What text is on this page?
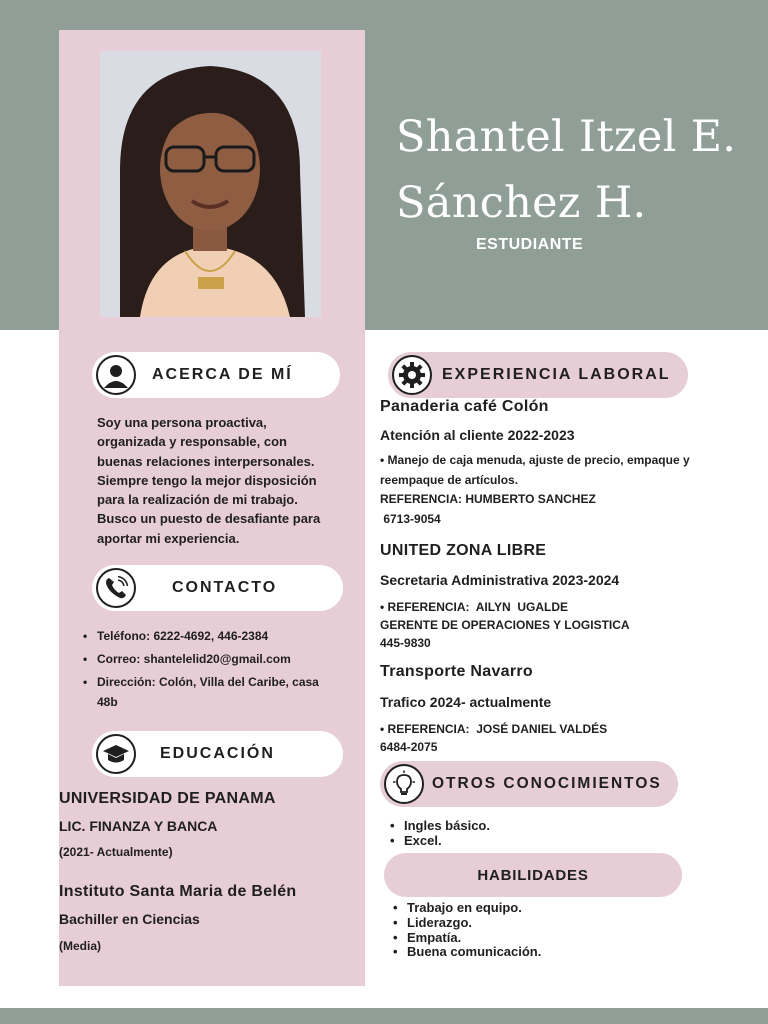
Shantel Itzel E.
Sánchez H.
ESTUDIANTE
ACERCA DE MÍ
Soy una persona proactiva,
organizada y responsable, con
buenas relaciones interpersonales.
Siempre tengo la mejor disposición
para la realización de mi trabajo.
Busco un puesto de desafiante para
aportar mi experiencia.
CONTACTO
• Teléfono: 6222-4692, 446-2384
• Correo: shantelelid20@gmail.com
• Dirección: Colón, Villa del Caribe, casa
48b
EDUCACIÓN
UNIVERSIDAD DE PANAMA
LIC. FINANZA Y BANCA
(2021- Actualmente)
Instituto Santa Maria de Belén
Bachiller en Ciencias
(Media)
EXPERIENCIA LABORAL
Panaderia café Colón
Atención al cliente 2022-2023
• Manejo de caja menuda, ajuste de precio, empaque y
reempaque de artículos.
REFERENCIA: HUMBERTO SANCHEZ
6713-9054
UNITED ZONA LIBRE
Secretaria Administrativa 2023-2024
• REFERENCIA:  AILYN  UGALDE
GERENTE DE OPERACIONES Y LOGISTICA
445-9830
Transporte Navarro
Trafico 2024- actualmente
• REFERENCIA:  JOSÉ DANIEL VALDÉS
6484-2075
OTROS CONOCIMIENTOS
• Ingles básico.
• Excel.
HABILIDADES
• Trabajo en equipo.
• Liderazgo.
• Empatía.
• Buena comunicación.
